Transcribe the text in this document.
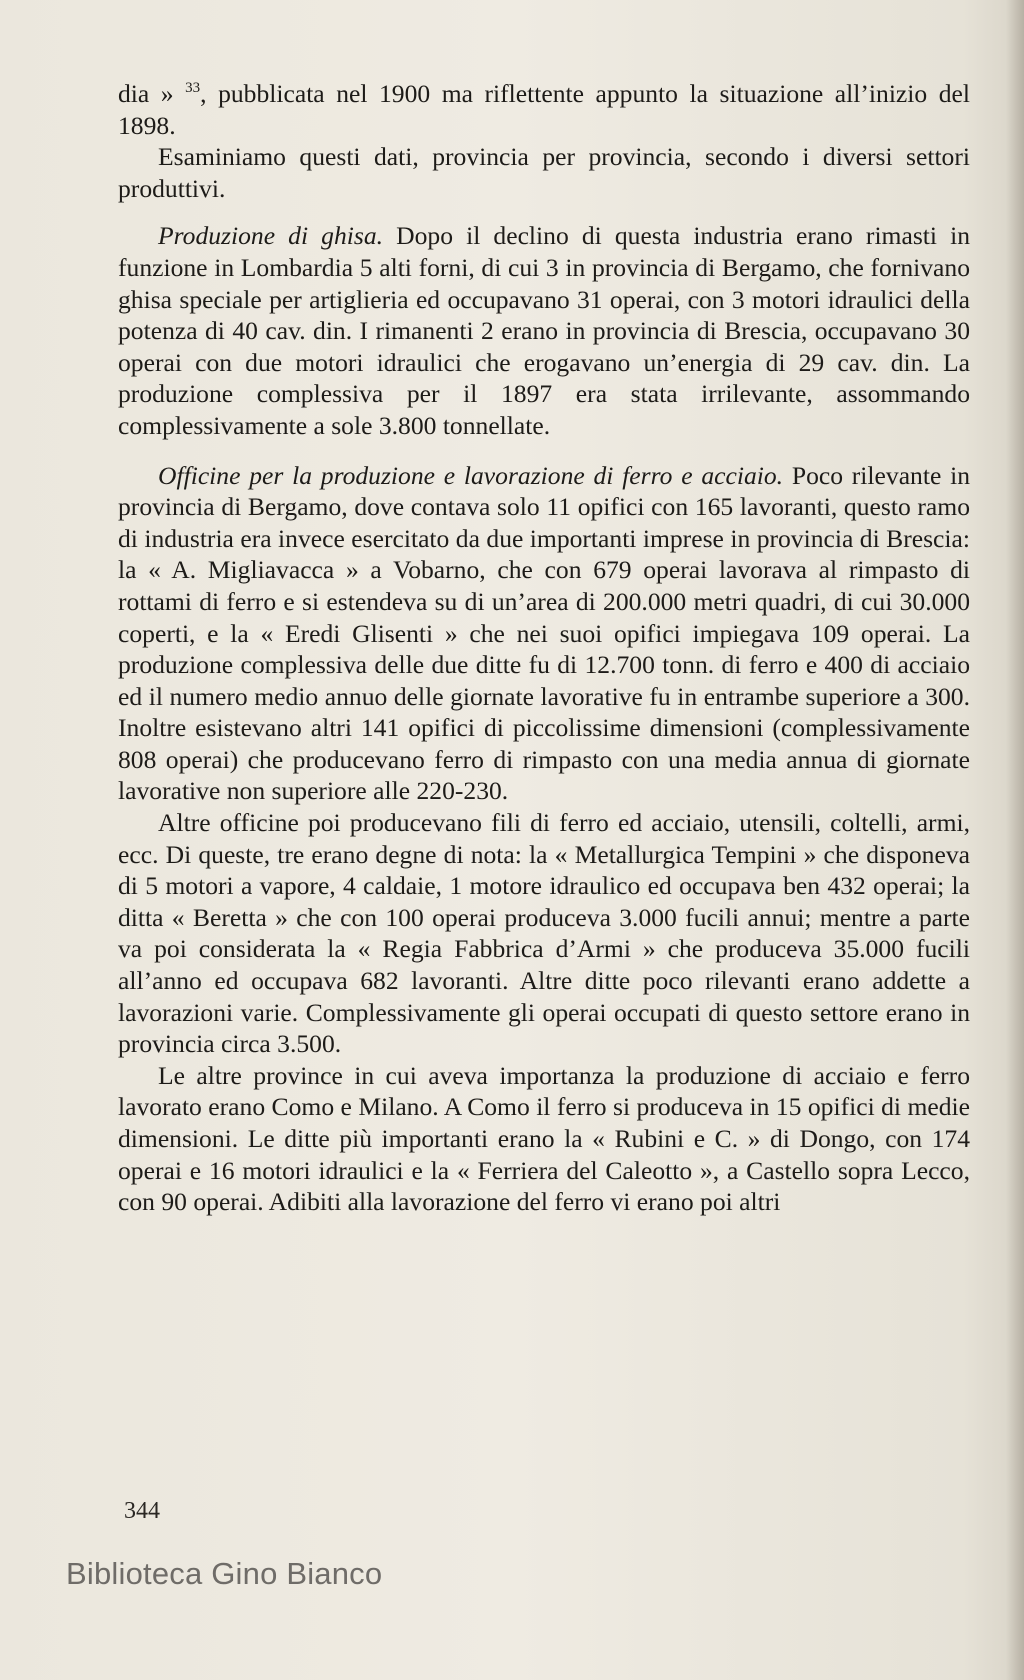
dia » $^{33}$, pubblicata nel 1900 ma riflettente appunto la situazione all’inizio del 1898.

Esaminiamo questi dati, provincia per provincia, secondo i diversi settori produttivi.

Produzione di ghisa. Dopo il declino di questa industria erano rimasti in funzione in Lombardia 5 alti forni, di cui 3 in provincia di Bergamo, che fornivano ghisa speciale per artiglieria ed occupavano 31 operai, con 3 motori idraulici della potenza di 40 cav. din. I rimanenti 2 erano in provincia di Brescia, occupavano 30 operai con due motori idraulici che erogavano un’energia di 29 cav. din. La produzione complessiva per il 1897 era stata irrilevante, assommando complessivamente a sole 3.800 tonnellate.

Officine per la produzione e lavorazione di ferro e acciaio. Poco rilevante in provincia di Bergamo, dove contava solo 11 opifici con 165 lavoranti, questo ramo di industria era invece esercitato da due importanti imprese in provincia di Brescia: la « A. Migliavacca » a Vobarno, che con 679 operai lavorava al rimpasto di rottami di ferro e si estendeva su di un’area di 200.000 metri quadri, di cui 30.000 coperti, e la « Eredi Glisenti » che nei suoi opifici impiegava 109 operai. La produzione complessiva delle due ditte fu di 12.700 tonn. di ferro e 400 di acciaio ed il numero medio annuo delle giornate lavorative fu in entrambe superiore a 300. Inoltre esistevano altri 141 opifici di piccolissime dimensioni (complessivamente 808 operai) che producevano ferro di rimpasto con una media annua di giornate lavorative non superiore alle 220-230.

Altre officine poi producevano fili di ferro ed acciaio, utensili, coltelli, armi, ecc. Di queste, tre erano degne di nota: la « Metallurgica Tempini » che disponeva di 5 motori a vapore, 4 caldaie, 1 motore idraulico ed occupava ben 432 operai; la ditta « Beretta » che con 100 operai produceva 3.000 fucili annui; mentre a parte va poi considerata la « Regia Fabbrica d’Armi » che produceva 35.000 fucili all’anno ed occupava 682 lavoranti. Altre ditte poco rilevanti erano addette a lavorazioni varie. Complessivamente gli operai occupati di questo settore erano in provincia circa 3.500.

Le altre province in cui aveva importanza la produzione di acciaio e ferro lavorato erano Como e Milano. A Como il ferro si produceva in 15 opifici di medie dimensioni. Le ditte più importanti erano la « Rubini e C. » di Dongo, con 174 operai e 16 motori idraulici e la « Ferriera del Caleotto », a Castello sopra Lecco, con 90 operai. Adibiti alla lavorazione del ferro vi erano poi altri

344
Biblioteca Gino Bianco
